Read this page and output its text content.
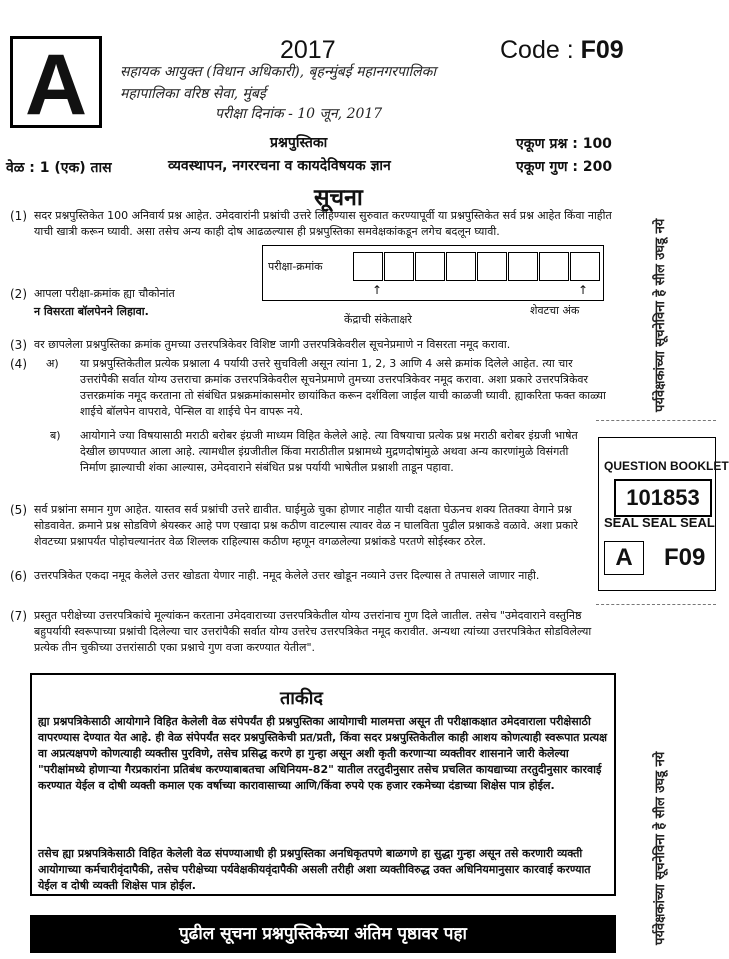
A	2017	Code : F09
सहायक आयुक्त (विधान अधिकारी), बृहन्मुंबई महानगरपालिका
महापालिका वरिष्ठ सेवा, मुंबई
परीक्षा दिनांक - 10 जून, 2017
प्रश्नपुस्तिका
व्यवस्थापन, नगररचना व कायदेविषयक ज्ञान
वेळ : 1 (एक) तास
एकूण प्रश्न : 100
एकूण गुण : 200
सूचना
(1) सदर प्रश्नपुस्तिकेत 100 अनिवार्य प्रश्न आहेत. उमेदवारांनी प्रश्नांची उत्तरे लिहिण्यास सुरुवात करण्यापूर्वी या प्रश्नपुस्तिकेत सर्व प्रश्न आहेत किंवा नाहीत याची खात्री करून घ्यावी. असा तसेच अन्य काही दोष आढळल्यास ही प्रश्नपुस्तिका समवेक्षकांकडून लगेच बदलून घ्यावी.
(2) आपला परीक्षा-क्रमांक ह्या चौकोनांत
न विसरता बॉलपेनने लिहावा.
परीक्षा-क्रमांक
↑	↑
केंद्राची संकेताक्षरे
शेवटचा अंक
(3) वर छापलेला प्रश्नपुस्तिका क्रमांक तुमच्या उत्तरपत्रिकेवर विशिष्ट जागी उत्तरपत्रिकेवरील सूचनेप्रमाणे न विसरता नमूद करावा.
(4) अ) या प्रश्नपुस्तिकेतील प्रत्येक प्रश्नाला 4 पर्यायी उत्तरे सुचविली असून त्यांना 1, 2, 3 आणि 4 असे क्रमांक दिलेले आहेत. त्या चार उत्तरांपैकी सर्वात योग्य उत्तराचा क्रमांक उत्तरपत्रिकेवरील सूचनेप्रमाणे तुमच्या उत्तरपत्रिकेवर नमूद करावा. अशा प्रकारे उत्तरपत्रिकेवर उत्तरक्रमांक नमूद करताना तो संबंधित प्रश्नक्रमांकासमोर छायांकित करून दर्शविला जाईल याची काळजी घ्यावी. ह्याकरिता फक्त काळ्या शाईचे बॉलपेन वापरावे, पेन्सिल वा शाईचे पेन वापरू नये.
ब) आयोगाने ज्या विषयासाठी मराठी बरोबर इंग्रजी माध्यम विहित केलेले आहे. त्या विषयाचा प्रत्येक प्रश्न मराठी बरोबर इंग्रजी भाषेत देखील छापण्यात आला आहे. त्यामधील इंग्रजीतील किंवा मराठीतील प्रश्नामध्ये मुद्रणदोषांमुळे अथवा अन्य कारणांमुळे विसंगती निर्माण झाल्याची शंका आल्यास, उमेदवाराने संबंधित प्रश्न पर्यायी भाषेतील प्रश्नाशी ताडून पहावा.
(5) सर्व प्रश्नांना समान गुण आहेत. यास्तव सर्व प्रश्नांची उत्तरे द्यावीत. घाईमुळे चुका होणार नाहीत याची दक्षता घेऊनच शक्य तितक्या वेगाने प्रश्न सोडवावेत. क्रमाने प्रश्न सोडविणे श्रेयस्कर आहे पण एखादा प्रश्न कठीण वाटल्यास त्यावर वेळ न घालविता पुढील प्रश्नाकडे वळावे. अशा प्रकारे शेवटच्या प्रश्नापर्यंत पोहोचल्यानंतर वेळ शिल्लक राहिल्यास कठीण म्हणून वगळलेल्या प्रश्नांकडे परतणे सोईस्कर ठरेल.
(6) उत्तरपत्रिकेत एकदा नमूद केलेले उत्तर खोडता येणार नाही. नमूद केलेले उत्तर खोडून नव्याने उत्तर दिल्यास ते तपासले जाणार नाही.
(7) प्रस्तुत परीक्षेच्या उत्तरपत्रिकांचे मूल्यांकन करताना उमेदवाराच्या उत्तरपत्रिकेतील योग्य उत्तरांनाच गुण दिले जातील. तसेच "उमेदवाराने वस्तुनिष्ठ बहुपर्यायी स्वरूपाच्या प्रश्नांची दिलेल्या चार उत्तरांपैकी सर्वात योग्य उत्तरेच उत्तरपत्रिकेत नमूद करावीत. अन्यथा त्यांच्या उत्तरपत्रिकेत सोडविलेल्या प्रत्येक तीन चुकीच्या उत्तरांसाठी एका प्रश्नाचे गुण वजा करण्यात येतील".
QUESTION BOOKLET
101853
SEAL SEAL SEAL
A	F09
पर्यवेक्षकांच्या सूचनेविना हे सील उघडू नये
पर्यवेक्षकांच्या सूचनेविना हे सील उघडू नये
ताकीद
ह्या प्रश्नपत्रिकेसाठी आयोगाने विहित केलेली वेळ संपेपर्यंत ही प्रश्नपुस्तिका आयोगाची मालमत्ता असून ती परीक्षाकक्षात उमेदवाराला परीक्षेसाठी वापरण्यास देण्यात येत आहे. ही वेळ संपेपर्यंत सदर प्रश्नपुस्तिकेची प्रत/प्रती, किंवा सदर प्रश्नपुस्तिकेतील काही आशय कोणत्याही स्वरूपात प्रत्यक्ष वा अप्रत्यक्षपणे कोणत्याही व्यक्तीस पुरविणे, तसेच प्रसिद्ध करणे हा गुन्हा असून अशी कृती करणाऱ्या व्यक्तीवर शासनाने जारी केलेल्या "परीक्षांमध्ये होणाऱ्या गैरप्रकारांना प्रतिबंध करण्याबाबतचा अधिनियम-82" यातील तरतुदीनुसार तसेच प्रचलित कायद्याच्या तरतुदीनुसार कारवाई करण्यात येईल व दोषी व्यक्ती कमाल एक वर्षाच्या कारावासाच्या आणि/किंवा रुपये एक हजार रकमेच्या दंडाच्या शिक्षेस पात्र होईल.
तसेच ह्या प्रश्नपत्रिकेसाठी विहित केलेली वेळ संपण्याआधी ही प्रश्नपुस्तिका अनधिकृतपणे बाळगणे हा सुद्धा गुन्हा असून तसे करणारी व्यक्ती आयोगाच्या कर्मचारीवृंदापैकी, तसेच परीक्षेच्या पर्यवेक्षकीयवृंदापैकी असली तरीही अशा व्यक्तीविरुद्ध उक्त अधिनियमानुसार कारवाई करण्यात येईल व दोषी व्यक्ती शिक्षेस पात्र होईल.
पुढील सूचना प्रश्नपुस्तिकेच्या अंतिम पृष्ठावर पहा
